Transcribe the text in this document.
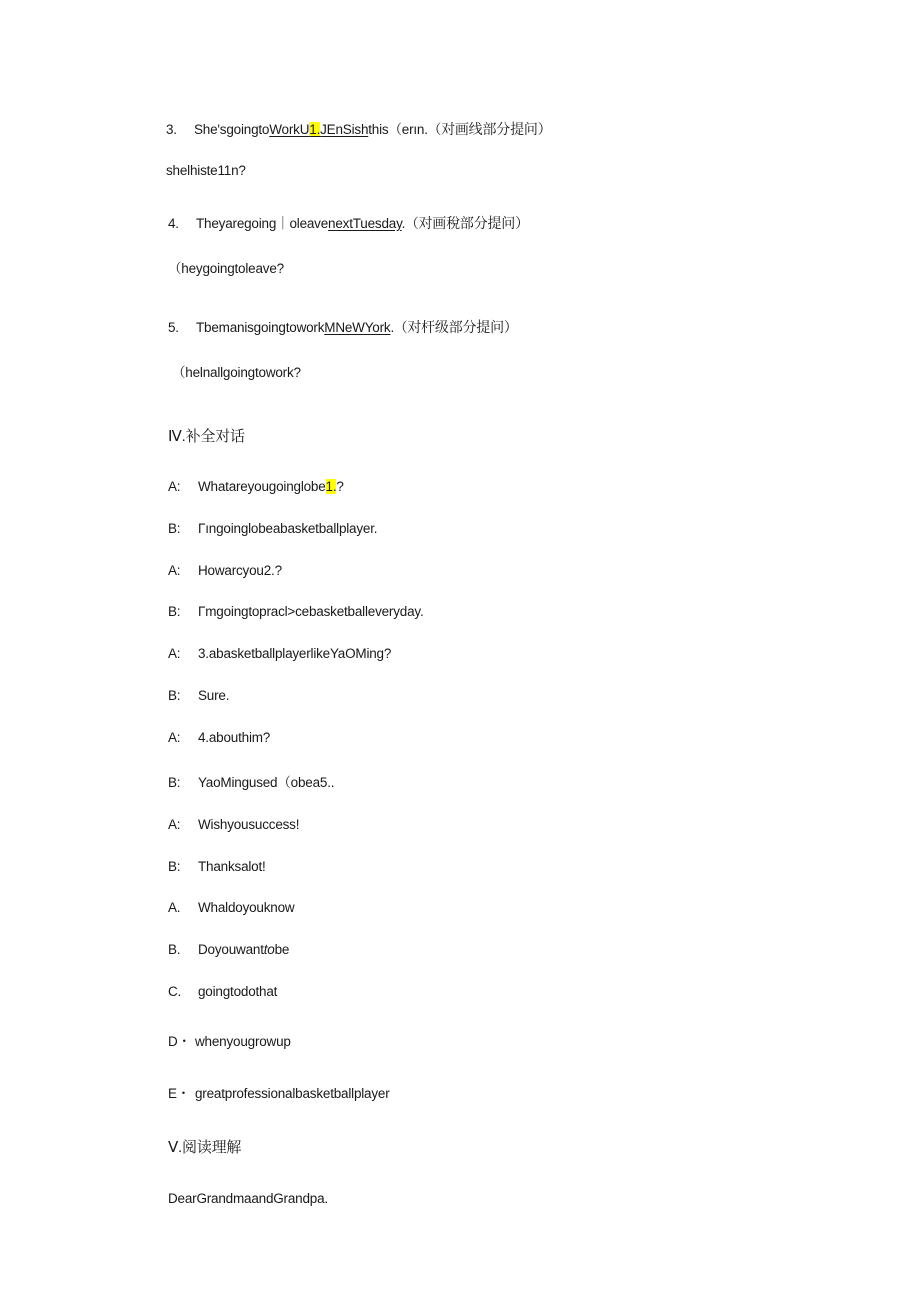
3. She'sgoingtoWorkU1.JEnSishthis（erın.（对画线部分提问）
shelhiste11n?
4. Theyaregoing｜oleavenextTuesday.（对画稅部分提问）
（heygoingtoleave?
5. TbemanisgoingtoworkMNeWYork.（对杆级部分提问）
（helnallgoingtowork?
Ⅳ.补全对话
A: Whatareyougoinglobe1.?
B: Γıngoinglobeabasketballplayer.
A: Howarcyou2.?
B: Γmgoingtopracl>cebasketballeveryday.
A: 3.abasketballplayerlikeYaOMing?
B: Sure.
A: 4.abouthim?
B: YaoMingused（obea5..
A: Wishyousuccess!
B: Thanksalot!
A. Whaldoyouknow
B. Doyouwanttobe
C. goingtodothat
D・ whenyougrowup
E・ greatprofessionalbasketballplayer
Ⅴ.阅读理解
DearGrandmaandGrandpa.
